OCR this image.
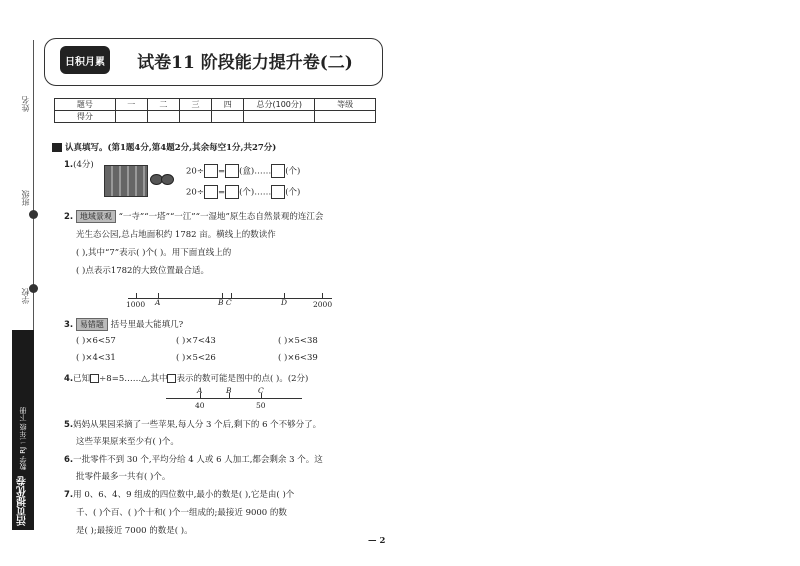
姓名
班级
学校
活页提优卷
数学 RJ 二年级 下册
日积月累	试卷11 阶段能力提升卷(二)
题号	一	二	三	四	总分(100分)	等级
得分						
认真填写。(第1题4分,第4题2分,其余每空1分,共27分)
1.(4分)
20÷ = (盒)…… (个)
20÷ = (个)…… (个)
2. 地域景观 “一寺”“一塔”“一江”“一湿地”原生态自然景观的连江会
光生态公园,总占地面积约 1782 亩。横线上的数读作
( ),其中“7”表示( )个( )。用下面直线上的
( )点表示1782的大致位置最合适。
1000 A	B C	D	2000
3. 易错题 括号里最大能填几?
( )×6<57	( )×7<43	( )×5<38
( )×4<31	( )×5<26	( )×6<39
4.已知 ÷8=5……△,其中 表示的数可能是图中的点( )。(2分)
A	B	C
40	50
5.妈妈从果园采摘了一些苹果,每人分 3 个后,剩下的 6 个不够分了。
这些苹果原来至少有( )个。
6.一批零件不到 30 个,平均分给 4 人或 6 人加工,都会剩余 3 个。这
批零件最多一共有( )个。
7.用 0、6、4、9 组成的四位数中,最小的数是( ),它是由( )个
千、( )个百、( )个十和( )个一组成的;最接近 9000 的数
是( );最接近 7000 的数是( )。
— 2
